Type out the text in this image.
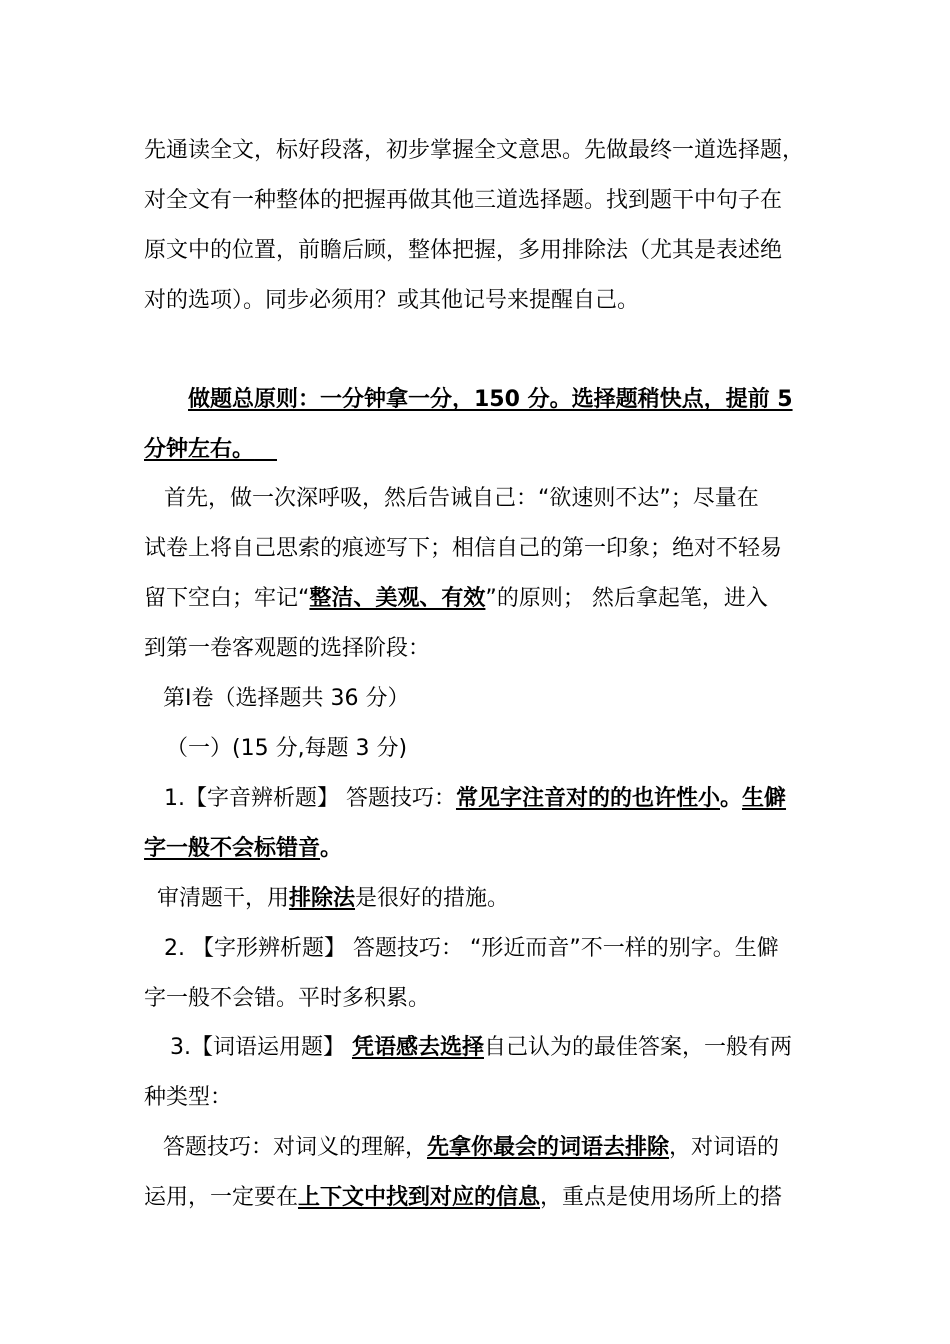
先通读全文，标好段落，初步掌握全文意思。先做最终一道选择题，
对全文有一种整体的把握再做其他三道选择题。找到题干中句子在
原文中的位置，前瞻后顾，整体把握，多用排除法（尤其是表述绝
对的选项）。同步必须用？或其他记号来提醒自己。
做题总原则：一分钟拿一分，150 分。选择题稍快点，提前 5
分钟左右。
首先，做一次深呼吸，然后告诫自己：“欲速则不达”；尽量在
试卷上将自己思索的痕迹写下；相信自己的第一印象；绝对不轻易
留下空白；牢记“整洁、美观、有效”的原则； 然后拿起笔，进入
到第一卷客观题的选择阶段：
第Ⅰ卷（选择题共 36 分）
（一）(15 分,每题 3 分)
1.【字音辨析题】 答题技巧：常见字注音对的的也许性小。生僻
字一般不会标错音。
审清题干，用排除法是很好的措施。
2. 【字形辨析题】 答题技巧： “形近而音”不一样的别字。生僻
字一般不会错。平时多积累。
3.【词语运用题】 凭语感去选择自己认为的最佳答案，一般有两
种类型：
答题技巧：对词义的理解，先拿你最会的词语去排除，对词语的
运用，一定要在上下文中找到对应的信息，重点是使用场所上的搭
